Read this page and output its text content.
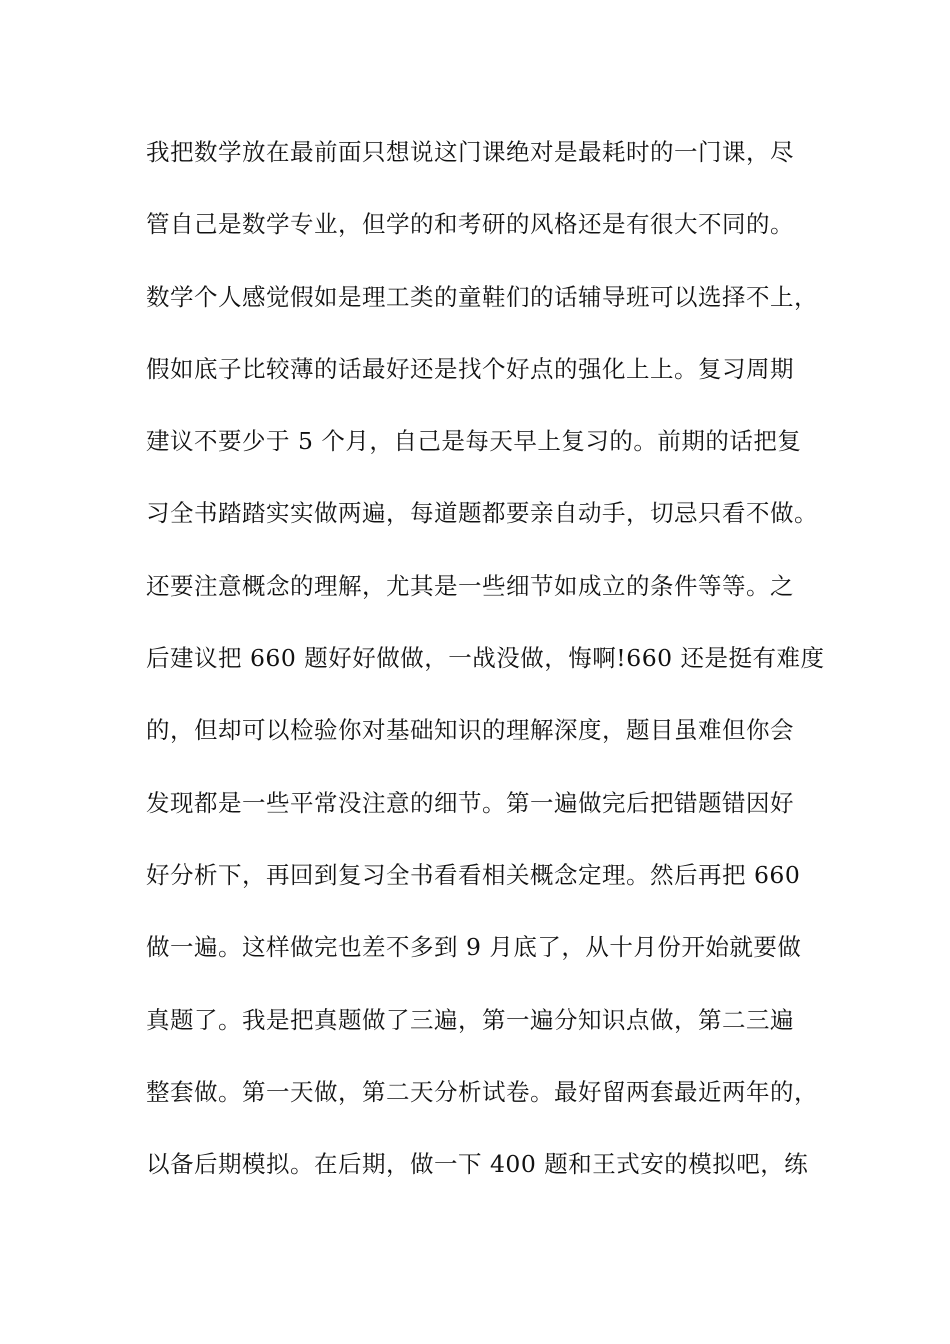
我把数学放在最前面只想说这门课绝对是最耗时的一门课，尽
管自己是数学专业，但学的和考研的风格还是有很大不同的。
数学个人感觉假如是理工类的童鞋们的话辅导班可以选择不上，
假如底子比较薄的话最好还是找个好点的强化上上。复习周期
建议不要少于 5 个月，自己是每天早上复习的。前期的话把复
习全书踏踏实实做两遍，每道题都要亲自动手，切忌只看不做。
还要注意概念的理解，尤其是一些细节如成立的条件等等。之
后建议把 660 题好好做做，一战没做，悔啊!660 还是挺有难度
的，但却可以检验你对基础知识的理解深度，题目虽难但你会
发现都是一些平常没注意的细节。第一遍做完后把错题错因好
好分析下，再回到复习全书看看相关概念定理。然后再把 660
做一遍。这样做完也差不多到 9 月底了，从十月份开始就要做
真题了。我是把真题做了三遍，第一遍分知识点做，第二三遍
整套做。第一天做，第二天分析试卷。最好留两套最近两年的，
以备后期模拟。在后期，做一下 400 题和王式安的模拟吧，练
